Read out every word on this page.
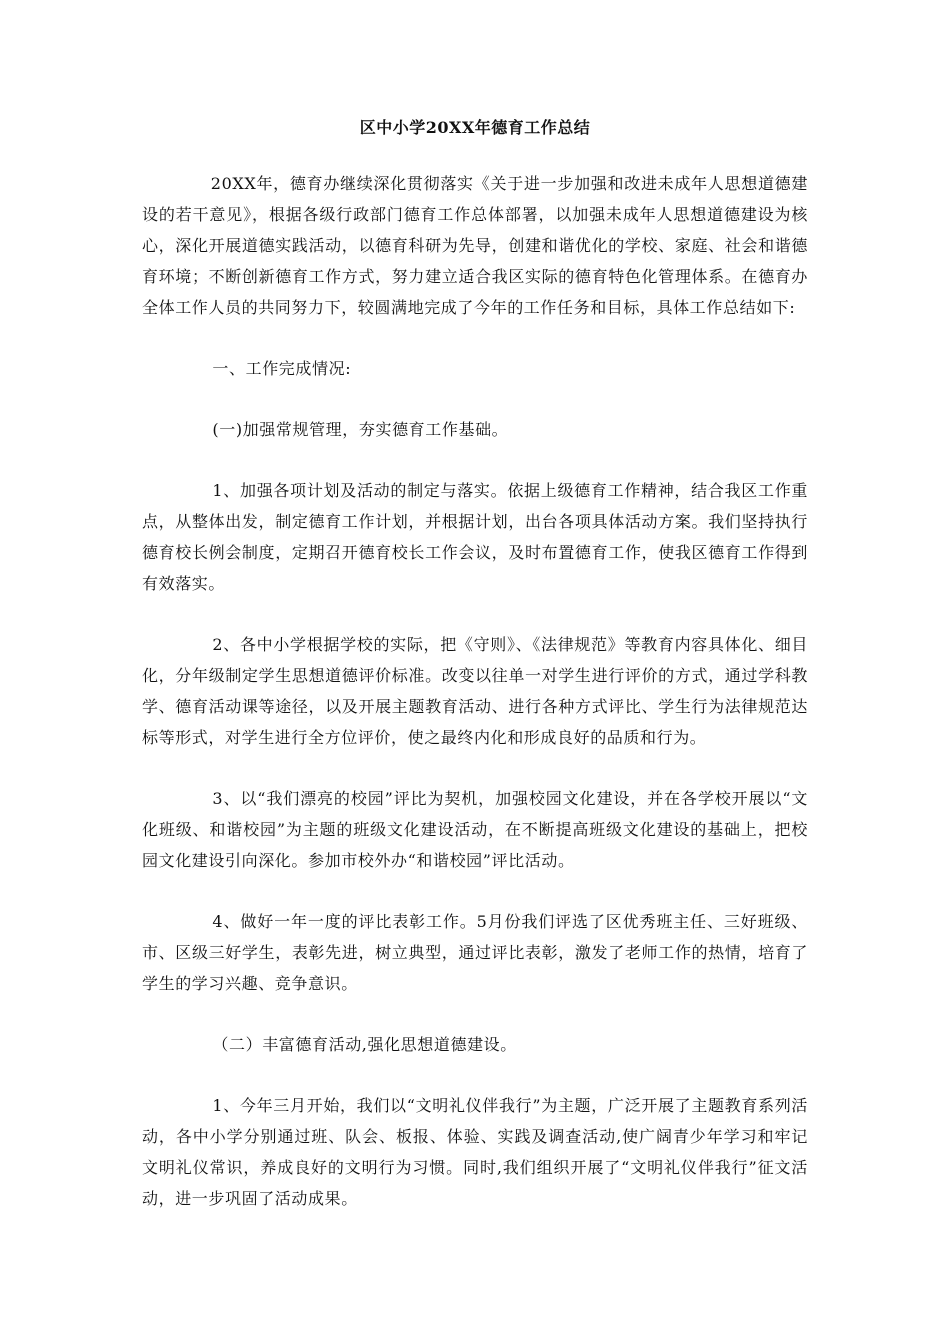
区中小学20XX年德育工作总结

20XX年，德育办继续深化贯彻落实《关于进一步加强和改进未成年人思想道德建设的若干意见》，根据各级行政部门德育工作总体部署，以加强未成年人思想道德建设为核心，深化开展道德实践活动，以德育科研为先导，创建和谐优化的学校、家庭、社会和谐德育环境；不断创新德育工作方式，努力建立适合我区实际的德育特色化管理体系。在德育办全体工作人员的共同努力下，较圆满地完成了今年的工作任务和目标，具体工作总结如下:

一、工作完成情况:

(一)加强常规管理，夯实德育工作基础。

1、加强各项计划及活动的制定与落实。依据上级德育工作精神，结合我区工作重点，从整体出发，制定德育工作计划，并根据计划，出台各项具体活动方案。我们坚持执行德育校长例会制度，定期召开德育校长工作会议，及时布置德育工作，使我区德育工作得到有效落实。

2、各中小学根据学校的实际，把《守则》、《法律规范》等教育内容具体化、细目化，分年级制定学生思想道德评价标准。改变以往单一对学生进行评价的方式，通过学科教学、德育活动课等途径，以及开展主题教育活动、进行各种方式评比、学生行为法律规范达标等形式，对学生进行全方位评价，使之最终内化和形成良好的品质和行为。

3、以“我们漂亮的校园”评比为契机，加强校园文化建设，并在各学校开展以“文化班级、和谐校园”为主题的班级文化建设活动，在不断提高班级文化建设的基础上，把校园文化建设引向深化。参加市校外办“和谐校园”评比活动。

4、做好一年一度的评比表彰工作。5月份我们评选了区优秀班主任、三好班级、市、区级三好学生，表彰先进，树立典型，通过评比表彰，激发了老师工作的热情，培育了学生的学习兴趣、竞争意识。

（二）丰富德育活动,强化思想道德建设。

1、今年三月开始，我们以“文明礼仪伴我行”为主题，广泛开展了主题教育系列活动，各中小学分别通过班、队会、板报、体验、实践及调查活动,使广阔青少年学习和牢记文明礼仪常识，养成良好的文明行为习惯。同时,我们组织开展了“文明礼仪伴我行”征文活动，进一步巩固了活动成果。
